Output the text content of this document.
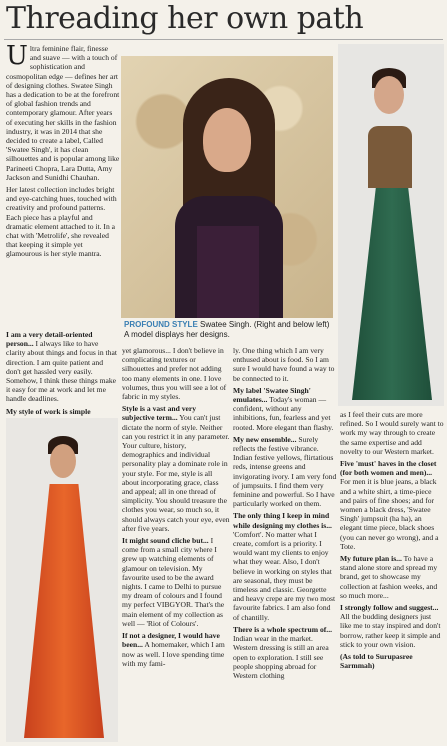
Threading her own path

Ultra feminine flair, finesse and suave — with a touch of sophistication and cosmopolitan edge — defines her art of designing clothes. Swatee Singh has a dedication to be at the forefront of global fashion trends and contemporary glamour. After years of executing her skills in the fashion industry, it was in 2014 that she decided to create a label, Called 'Swatee Singh', it has clean silhouettes and is popular among like Parineeti Chopra, Lara Dutta, Amy Jackson and Sunidhi Chauhan.

Her latest collection includes bright and eye-catching hues, touched with creativity and profound patterns. Each piece has a playful and dramatic element attached to it. In a chat with 'Metrolife', she revealed that keeping it simple yet glamourous is her style mantra.

PROFOUND STYLE Swatee Singh. (Right and below left) A model displays her designs.

I am a very detail-oriented person... I always like to have clarity about things and focus in that direction. I am quite patient and don't get hassled very easily. Somehow, I think these things make it easy for me at work and let me handle deadlines.

My style of work is simple

yet glamorous... I don't believe in complicating textures or silhouettes and prefer not adding too many elements in one. I love volumes, thus you will see a lot of fabric in my styles.

Style is a vast and very subjective term... You can't just dictate the norm of style. Neither can you restrict it in any parameter. Your culture, history, demographics and individual personality play a dominate role in your style. For me, style is all about incorporating grace, class and appeal; all in one thread of simplicity. You should treasure the clothes you wear, so much so, it should always catch your eye, even after five years.

It might sound cliche but... I come from a small city where I grew up watching elements of glamour on television. My favourite used to be the award nights. I came to Delhi to pursue my dream of colours and I found my perfect VIBGYOR. That's the main element of my collection as well — 'Riot of Colours'.

If not a designer, I would have been... A homemaker, which I am now as well. I love spending time with my fami-

ly. One thing which I am very enthused about is food. So I am sure I would have found a way to be connected to it.

My label 'Swatee Singh' emulates... Today's woman — confident, without any inhibitions, fun, fearless and yet rooted. More elegant than flashy.

My new ensemble... Surely reflects the festive vibrance. Indian festive yellows, flirtatious reds, intense greens and invigorating ivory. I am very fond of jumpsuits. I find them very feminine and powerful. So I have particularly worked on them.

The only thing I keep in mind while designing my clothes is... 'Comfort'. No matter what I create, comfort is a priority. I would want my clients to enjoy what they wear. Also, I don't believe in working on styles that are seasonal, they must be timeless and classic. Georgette and heavy crepe are my two most favourite fabrics. I am also fond of chantilly.

There is a whole spectrum of... Indian wear in the market. Western dressing is still an area open to exploration. I still see people shopping abroad for Western clothing

as I feel their cuts are more refined. So I would surely want to work my way through to create the same expertise and add novelty to our Western market.

Five 'must' haves in the closet (for both women and men)... For men it is blue jeans, a black and a white shirt, a time-piece and pairs of fine shoes; and for women a black dress, 'Swatee Singh' jumpsuit (ha ha), an elegant time piece, black shoes (you can never go wrong), and a Tote.

My future plan is... To have a stand alone store and spread my brand, get to showcase my collection at fashion weeks, and so much more...

I strongly follow and suggest... All the budding designers just like me to stay inspired and don't borrow, rather keep it simple and stick to your own vision.

(As told to Surupasree Sarmmah)
